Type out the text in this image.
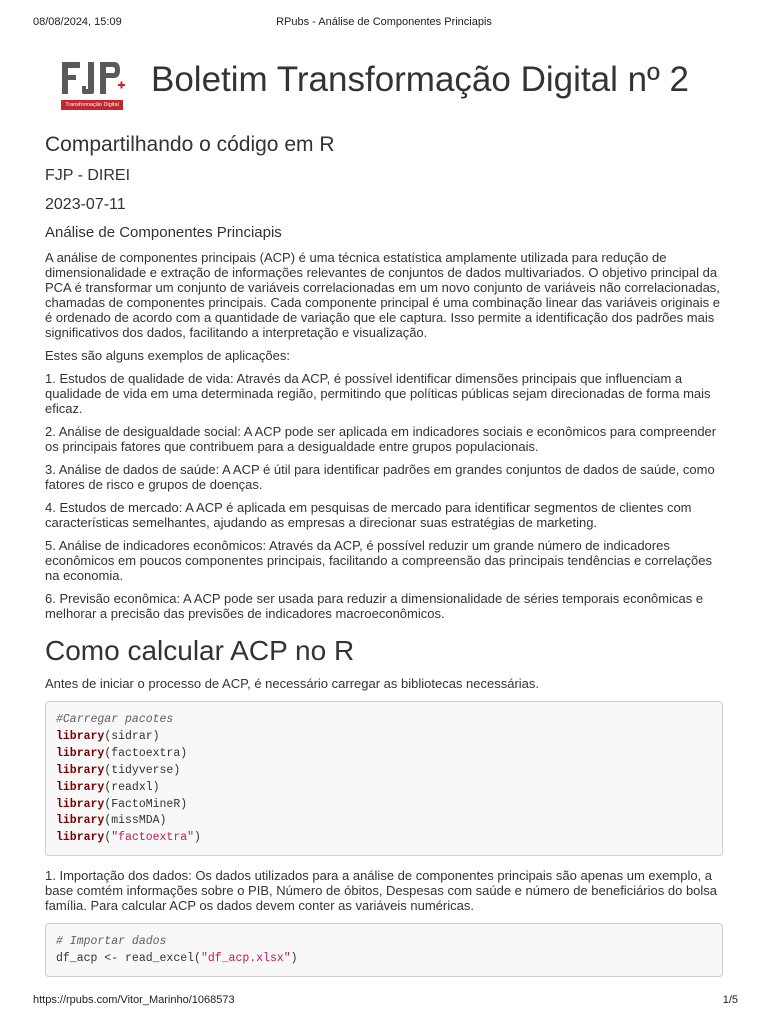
08/08/2024, 15:09	RPubs - Análise de Componentes Princiapis
Transformação Digital
Boletim Transformação Digital nº 2
Compartilhando o código em R
FJP - DIREI
2023-07-11
Análise de Componentes Princiapis

A análise de componentes principais (ACP) é uma técnica estatística amplamente utilizada para redução de dimensionalidade e extração de informações relevantes de conjuntos de dados multivariados. O objetivo principal da PCA é transformar um conjunto de variáveis correlacionadas em um novo conjunto de variáveis não correlacionadas, chamadas de componentes principais. Cada componente principal é uma combinação linear das variáveis originais e é ordenado de acordo com a quantidade de variação que ele captura. Isso permite a identificação dos padrões mais significativos dos dados, facilitando a interpretação e visualização.

Estes são alguns exemplos de aplicações:

1. Estudos de qualidade de vida: Através da ACP, é possível identificar dimensões principais que influenciam a qualidade de vida em uma determinada região, permitindo que políticas públicas sejam direcionadas de forma mais eficaz.

2. Análise de desigualdade social: A ACP pode ser aplicada em indicadores sociais e econômicos para compreender os principais fatores que contribuem para a desigualdade entre grupos populacionais.

3. Análise de dados de saúde: A ACP é útil para identificar padrões em grandes conjuntos de dados de saúde, como fatores de risco e grupos de doenças.

4. Estudos de mercado: A ACP é aplicada em pesquisas de mercado para identificar segmentos de clientes com características semelhantes, ajudando as empresas a direcionar suas estratégias de marketing.

5. Análise de indicadores econômicos: Através da ACP, é possível reduzir um grande número de indicadores econômicos em poucos componentes principais, facilitando a compreensão das principais tendências e correlações na economia.

6. Previsão econômica: A ACP pode ser usada para reduzir a dimensionalidade de séries temporais econômicas e melhorar a precisão das previsões de indicadores macroeconômicos.

Como calcular ACP no R

Antes de iniciar o processo de ACP, é necessário carregar as bibliotecas necessárias.

#Carregar pacotes
library(sidrar)
library(factoextra)
library(tidyverse)
library(readxl)
library(FactoMineR)
library(missMDA)
library("factoextra")

1. Importação dos dados: Os dados utilizados para a análise de componentes principais são apenas um exemplo, a base comtém informações sobre o PIB, Número de óbitos, Despesas com saúde e número de beneficiários do bolsa família. Para calcular ACP os dados devem conter as variáveis numéricas.

# Importar dados
df_acp <- read_excel("df_acp.xlsx")
https://rpubs.com/Vitor_Marinho/1068573	1/5
